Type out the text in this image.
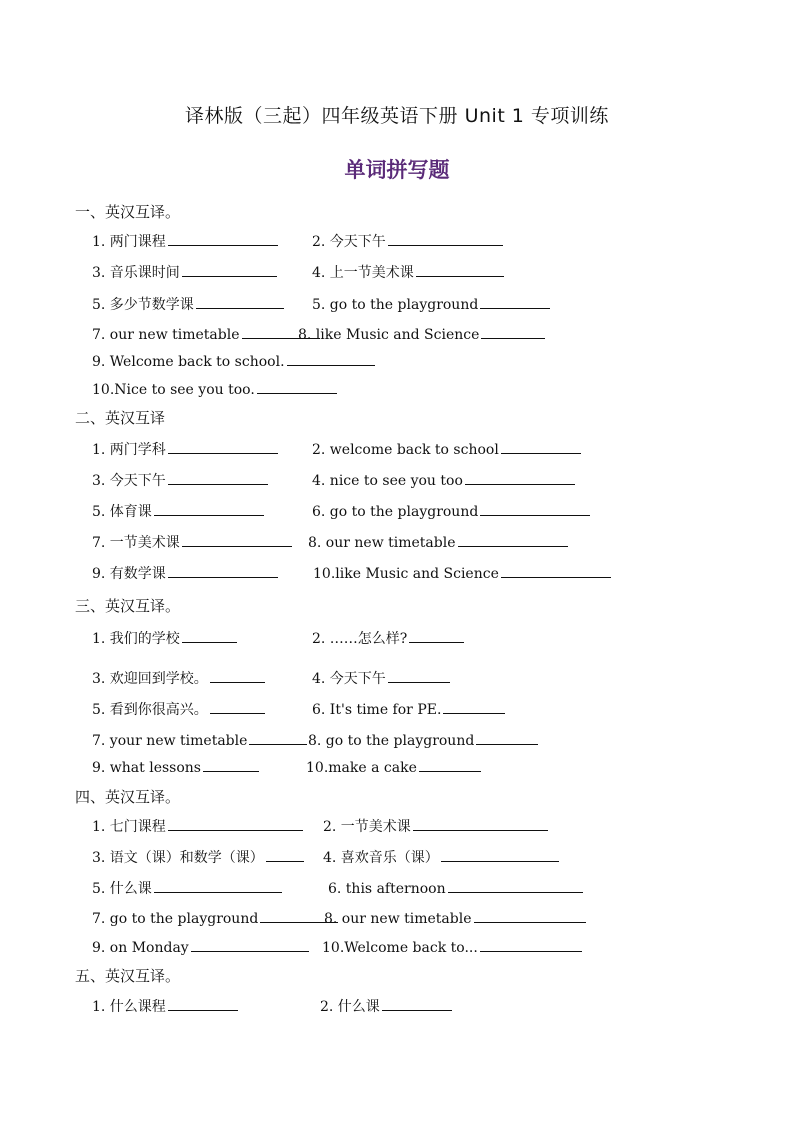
译林版（三起）四年级英语下册 Unit 1 专项训练
单词拼写题
一、英汉互译。
1. 两门课程	2. 今天下午
3. 音乐课时间	4. 上一节美术课
5. 多少节数学课	5. go to the playground
7. our new timetable	8. like Music and Science
9. Welcome back to school.
10.Nice to see you too.
二、英汉互译
1. 两门学科	2. welcome back to school
3. 今天下午	4. nice to see you too
5. 体育课	6. go to the playground
7. 一节美术课	8. our new timetable
9. 有数学课	10.like Music and Science
三、英汉互译。
1. 我们的学校	2. ……怎么样?
3. 欢迎回到学校。	4. 今天下午
5. 看到你很高兴。	6. It's time for PE.
7. your new timetable	8. go to the playground
9. what lessons	10.make a cake
四、英汉互译。
1. 七门课程	2. 一节美术课
3. 语文（课）和数学（课）	4. 喜欢音乐（课）
5. 什么课	6. this afternoon
7. go to the playground	8. our new timetable
9. on Monday	10.Welcome back to...
五、英汉互译。
1. 什么课程	2. 什么课
